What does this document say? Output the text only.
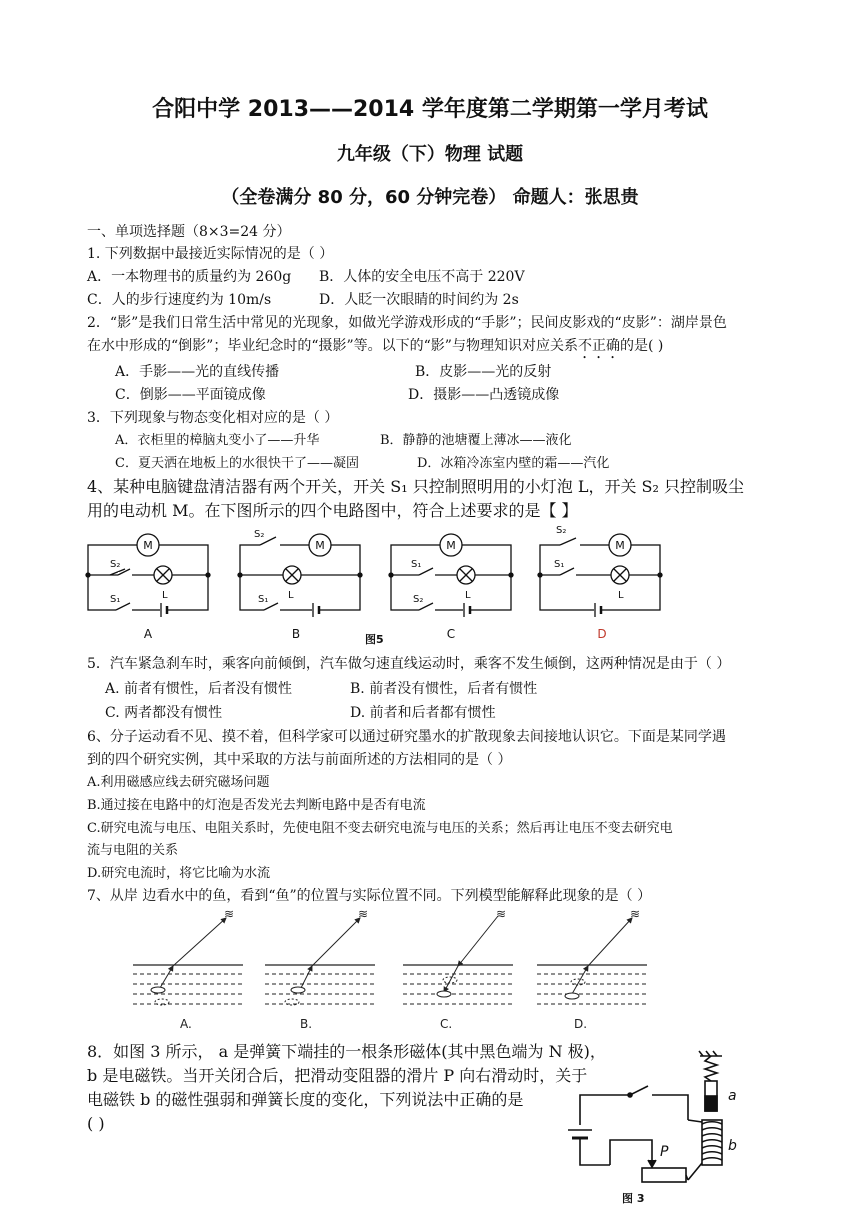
合阳中学 2013——2014 学年度第二学期第一学月考试
九年级（下）物理 试题
（全卷满分 80 分，60 分钟完卷） 命题人：张思贵
一、单项选择题（8×3=24 分）
1. 下列数据中最接近实际情况的是（ ）
A．一本物理书的质量约为 260g B．人体的安全电压不高于 220V
C．人的步行速度约为 10m/s	D．人眨一次眼睛的时间约为 2s
2．“影”是我们日常生活中常见的光现象，如做光学游戏形成的“手影”；民间皮影戏的“皮影”：湖岸景色
在水中形成的“倒影”；毕业纪念时的“摄影”等。以下的“影”与物理知识对应关系不正确的是( )
A．手影——光的直线传播	B．皮影——光的反射
C．倒影——平面镜成像	D．摄影——凸透镜成像
3．下列现象与物态变化相对应的是（ ）
A．衣柜里的樟脑丸变小了——升华	B．静静的池塘覆上薄冰——液化
C．夏天洒在地板上的水很快干了——凝固	D．冰箱冷冻室内壁的霜——汽化
4、某种电脑键盘清洁器有两个开关，开关 S₁ 只控制照明用的小灯泡 L，开关 S₂ 只控制吸尘
用的电动机 M。在下图所示的四个电路图中，符合上述要求的是【 】
M
S₂
S₁	L
A
S₂
M
S₁ L
B
M
S₁
S₂	L
C
S₂
M
S₁
L
D
图5
5．汽车紧急刹车时，乘客向前倾倒，汽车做匀速直线运动时，乘客不发生倾倒，这两种情况是由于（ ）
A. 前者有惯性，后者没有惯性	B. 前者没有惯性，后者有惯性
C. 两者都没有惯性	D. 前者和后者都有惯性
6、分子运动看不见、摸不着，但科学家可以通过研究墨水的扩散现象去间接地认识它。下面是某同学遇
到的四个研究实例，其中采取的方法与前面所述的方法相同的是（ ）
A.利用磁感应线去研究磁场问题
B.通过接在电路中的灯泡是否发光去判断电路中是否有电流
C.研究电流与电压、电阻关系时，先使电阻不变去研究电流与电压的关系；然后再让电压不变去研究电
流与电阻的关系
D.研究电流时，将它比喻为水流
7、从岸 边看水中的鱼，看到“鱼”的位置与实际位置不同。下列模型能解释此现象的是（ ）
≋
A.
≋
B.
≋
C.
≋
D.
8．如图 3 所示， a 是弹簧下端挂的一根条形磁体(其中黑色端为 N 极)，
b 是电磁铁。当开关闭合后，把滑动变阻器的滑片 P 向右滑动时，关于
电磁铁 b 的磁性强弱和弹簧长度的变化，下列说法中正确的是
( )
a
b
P
图 3
